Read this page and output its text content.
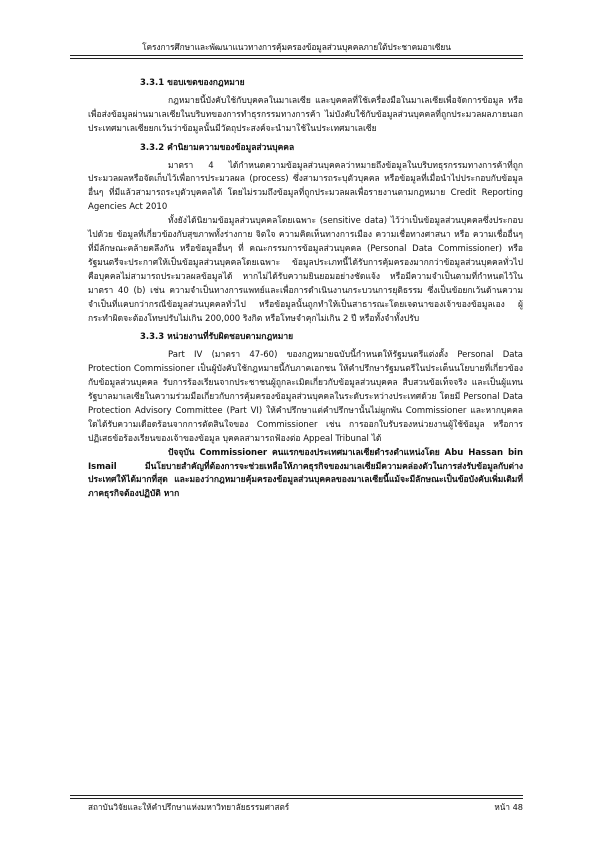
โครงการศึกษาและพัฒนาแนวทางการคุ้มครองข้อมูลส่วนบุคคลภายใต้ประชาคมอาเซียน

3.3.1 ขอบเขตของกฎหมาย

กฎหมายนี้บังคับใช้กับบุคคลในมาเลเซีย และบุคคลที่ใช้เครื่องมือในมาเลเซียเพื่อจัดการข้อมูล หรือเพื่อส่งข้อมูลผ่านมาเลเซียในบริบทของการทำธุรกรรมทางการค้า ไม่บังคับใช้กับข้อมูลส่วนบุคคลที่ถูกประมวลผลภายนอกประเทศมาเลเซียยกเว้นว่าข้อมูลนั้นมีวัตถุประสงค์จะนำมาใช้ในประเทศมาเลเซีย

3.3.2 คำนิยามความของข้อมูลส่วนบุคคล

มาตรา 4 ได้กำหนดความข้อมูลส่วนบุคคลว่าหมายถึงข้อมูลในบริบทธุรกรรมทางการค้าที่ถูกประมวลผลหรือจัดเก็บไว้เพื่อการประมวลผล (process) ซึ่งสามารถระบุตัวบุคคล หรือข้อมูลที่เมื่อนำไปประกอบกับข้อมูลอื่นๆ ที่มีแล้วสามารถระบุตัวบุคคลได้ โดยไม่รวมถึงข้อมูลที่ถูกประมวลผลเพื่อรายงานตามกฎหมาย Credit Reporting Agencies Act 2010

ทั้งยังได้นิยามข้อมูลส่วนบุคคลโดยเฉพาะ (sensitive data) ไว้ว่าเป็นข้อมูลส่วนบุคคลซึ่งประกอบไปด้วย ข้อมูลที่เกี่ยวข้องกับสุขภาพทั้งร่างกาย จิตใจ ความคิดเห็นทางการเมือง ความเชื่อทางศาสนา หรือ ความเชื่ออื่นๆ ที่มีลักษณะคล้ายคลึงกัน หรือข้อมูลอื่นๆ ที่ คณะกรรมการข้อมูลส่วนบุคคล (Personal Data Commissioner) หรือรัฐมนตรีจะประกาศให้เป็นข้อมูลส่วนบุคคลโดยเฉพาะ ข้อมูลประเภทนี้ได้รับการคุ้มครองมากกว่าข้อมูลส่วนบุคคลทั่วไป คือบุคคลไม่สามารถประมวลผลข้อมูลได้ หากไม่ได้รับความยินยอมอย่างชัดแจ้ง หรือมีความจำเป็นตามที่กำหนดไว้ในมาตรา 40 (b) เช่น ความจำเป็นทางการแพทย์และเพื่อการดำเนินงานกระบวนการยุติธรรม ซึ่งเป็นข้อยกเว้นด้านความจำเป็นที่แคบกว่ากรณีข้อมูลส่วนบุคคลทั่วไป หรือข้อมูลนั้นถูกทำให้เป็นสาธารณะโดยเจตนาของเจ้าของข้อมูลเอง ผู้กระทำผิดจะต้องโทษปรับไม่เกิน 200,000 ริงกิต หรือโทษจำคุกไม่เกิน 2 ปี หรือทั้งจำทั้งปรับ

3.3.3 หน่วยงานที่รับผิดชอบตามกฎหมาย

Part IV (มาตรา 47-60) ของกฎหมายฉบับนี้กำหนดให้รัฐมนตรีแต่งตั้ง Personal Data Protection Commissioner เป็นผู้บังคับใช้กฎหมายนี้กับภาคเอกชน ให้คำปรึกษารัฐมนตรีในประเด็นนโยบายที่เกี่ยวข้องกับข้อมูลส่วนบุคคล รับการร้องเรียนจากประชาชนผู้ถูกละเมิดเกี่ยวกับข้อมูลส่วนบุคคล สืบสวนข้อเท็จจริง และเป็นผู้แทนรัฐบาลมาเลเซียในความร่วมมือเกี่ยวกับการคุ้มครองข้อมูลส่วนบุคคลในระดับระหว่างประเทศด้วย โดยมี Personal Data Protection Advisory Committee (Part VI) ให้คำปรึกษาแต่คำปรึกษานั้นไม่ผูกพัน Commissioner และหากบุคคลใดได้รับความเดือดร้อนจากการตัดสินใจของ Commissioner เช่น การออกใบรับรองหน่วยงานผู้ใช้ข้อมูล หรือการปฏิเสธข้อร้องเรียนของเจ้าของข้อมูล บุคคลสามารถฟ้องต่อ Appeal Tribunal ได้

ปัจจุบัน Commissioner คนแรกของประเทศมาเลเซียดำรงตำแหน่งโดย Abu Hassan bin Ismail มีนโยบายสำคัญที่ต้องการจะช่วยเหลือให้ภาคธุรกิจของมาเลเซียมีความคล่องตัวในการส่งรับข้อมูลกับต่างประเทศให้ได้มากที่สุด และมองว่ากฎหมายคุ้มครองข้อมูลส่วนบุคคลของมาเลเซียนี้แม้จะมีลักษณะเป็นข้อบังคับเพิ่มเติมที่ภาคธุรกิจต้องปฏิบัติ หาก

สถาบันวิจัยและให้คำปรึกษาแห่งมหาวิทยาลัยธรรมศาสตร์	หน้า 48
